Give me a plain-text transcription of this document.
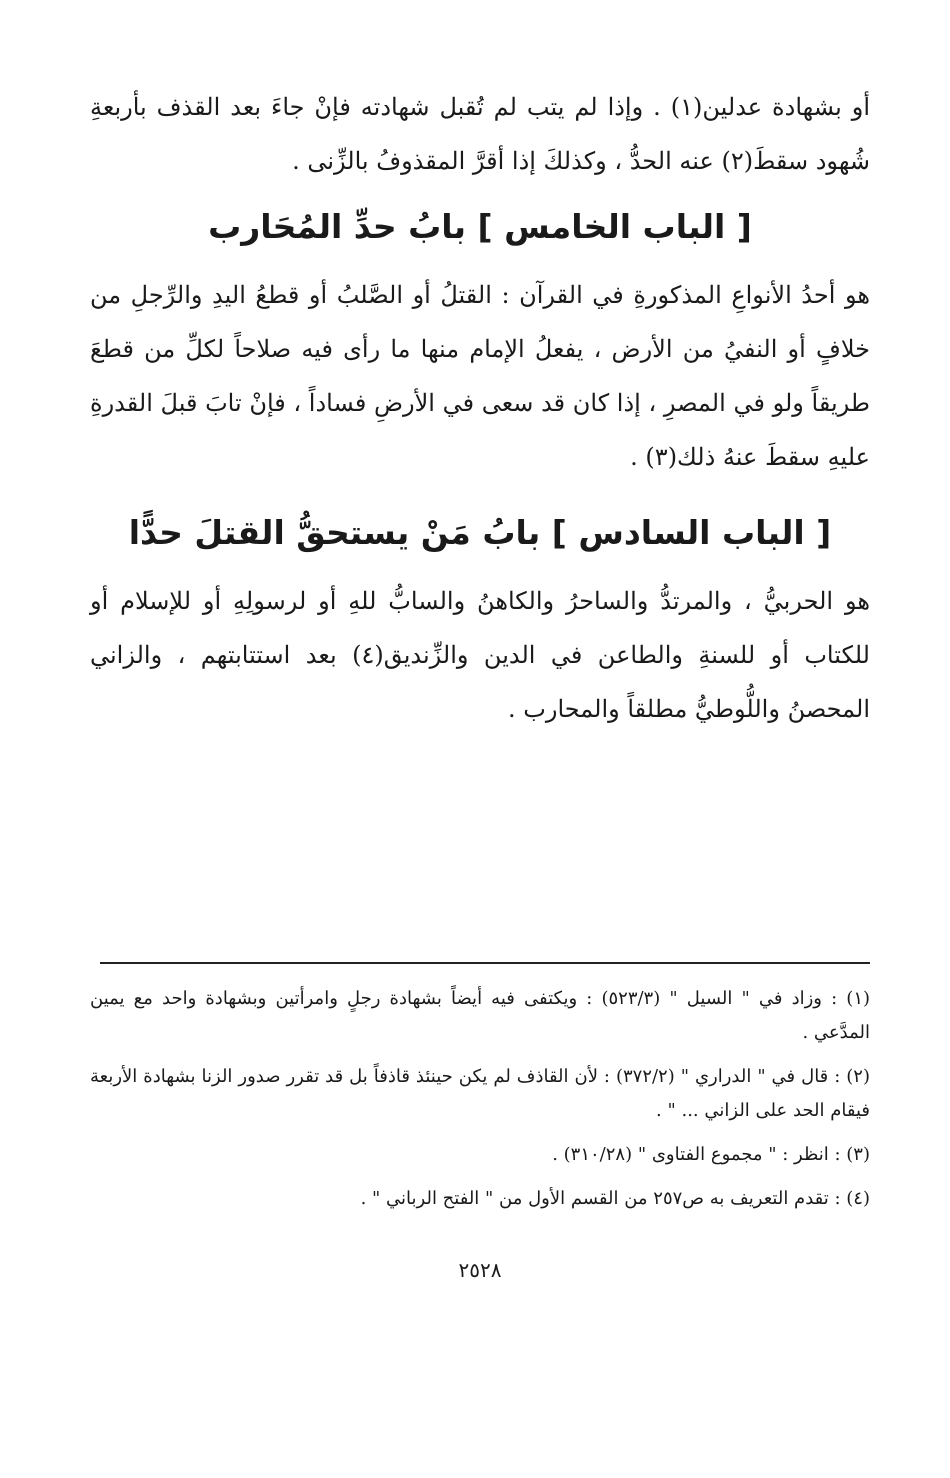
أو بشهادة عدلين(١) . وإذا لم يتب لم تُقبل شهادته فإنْ جاءَ بعد القذف بأربعةِ شُهود سقطَ(٢) عنه الحدُّ ، وكذلكَ إذا أقرَّ المقذوفُ بالزِّنى .

[ الباب الخامس ] بابُ حدِّ المُحَارب

هو أحدُ الأنواعِ المذكورةِ في القرآن : القتلُ أو الصَّلبُ أو قطعُ اليدِ والرِّجلِ من خلافٍ أو النفيُ من الأرض ، يفعلُ الإمام منها ما رأى فيه صلاحاً لكلِّ من قطعَ طريقاً ولو في المصرِ ، إذا كان قد سعى في الأرضِ فساداً ، فإنْ تابَ قبلَ القدرةِ عليهِ سقطَ عنهُ ذلك(٣) .

[ الباب السادس ] بابُ مَنْ يستحقُّ القتلَ حدًّا

هو الحربيُّ ، والمرتدُّ والساحرُ والكاهنُ والسابُّ للهِ أو لرسولِهِ أو للإسلام أو للكتاب أو للسنةِ والطاعن في الدين والزِّنديق(٤) بعد استتابتهم ، والزاني المحصنُ واللُّوطيُّ مطلقاً والمحارب .

(١) : وزاد في " السيل " (٥٢٣/٣) : ويكتفى فيه أيضاً بشهادة رجلٍ وامرأتين وبشهادة واحد مع يمين المدَّعي .

(٢) : قال في " الدراري " (٣٧٢/٢) : لأن القاذف لم يكن حينئذ قاذفاً بل قد تقرر صدور الزنا بشهادة الأربعة فيقام الحد على الزاني ... " .

(٣) : انظر : " مجموع الفتاوى " (٣١٠/٢٨) .

(٤) : تقدم التعريف به ص٢٥٧ من القسم الأول من " الفتح الرباني " .

٢٥٢٨
